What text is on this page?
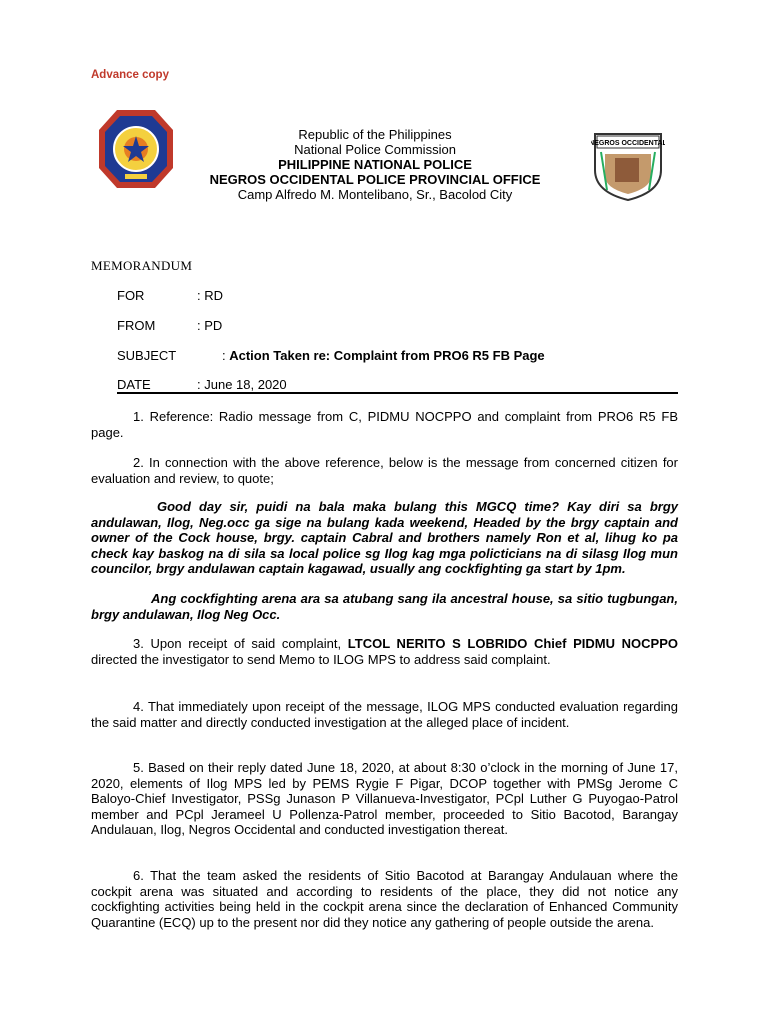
Advance copy
Republic of the Philippines
National Police Commission
PHILIPPINE NATIONAL POLICE
NEGROS OCCIDENTAL POLICE PROVINCIAL OFFICE
Camp Alfredo M. Montelibano, Sr., Bacolod City
NEGROS OCCIDENTAL
MEMORANDUM
FOR	: RD
FROM	: PD
SUBJECT	: Action Taken re: Complaint from PRO6 R5 FB Page
DATE	: June 18, 2020
1. Reference: Radio message from C, PIDMU NOCPPO and complaint from PRO6 R5 FB page.
2. In connection with the above reference, below is the message from concerned citizen for evaluation and review, to quote;
Good day sir, puidi na bala maka bulang this MGCQ time? Kay diri sa brgy andulawan, Ilog, Neg.occ ga sige na bulang kada weekend, Headed by the brgy captain and owner of the Cock house, brgy. captain Cabral and brothers namely Ron et al, lihug ko pa check kay baskog na di sila sa local police sg Ilog kag mga policticians na di silasg Ilog mun councilor, brgy andulawan captain kagawad, usually ang cockfighting ga start by 1pm.
Ang cockfighting arena ara sa atubang sang ila ancestral house, sa sitio tugbungan, brgy andulawan, Ilog Neg Occ.
3. Upon receipt of said complaint, LTCOL NERITO S LOBRIDO Chief PIDMU NOCPPO directed the investigator to send Memo to ILOG MPS to address said complaint.
4. That immediately upon receipt of the message, ILOG MPS conducted evaluation regarding the said matter and directly conducted investigation at the alleged place of incident.
5. Based on their reply dated June 18, 2020, at about 8:30 o’clock in the morning of June 17, 2020, elements of Ilog MPS led by PEMS Rygie F Pigar, DCOP together with PMSg Jerome C Baloyo-Chief Investigator, PSSg Junason P Villanueva-Investigator, PCpl Luther G Puyogao-Patrol member and PCpl Jerameel U Pollenza-Patrol member, proceeded to Sitio Bacotod, Barangay Andulauan, Ilog, Negros Occidental and conducted investigation thereat.
6. That the team asked the residents of Sitio Bacotod at Barangay Andulauan where the cockpit arena was situated and according to residents of the place, they did not notice any cockfighting activities being held in the cockpit arena since the declaration of Enhanced Community Quarantine (ECQ) up to the present nor did they notice any gathering of people outside the arena.
